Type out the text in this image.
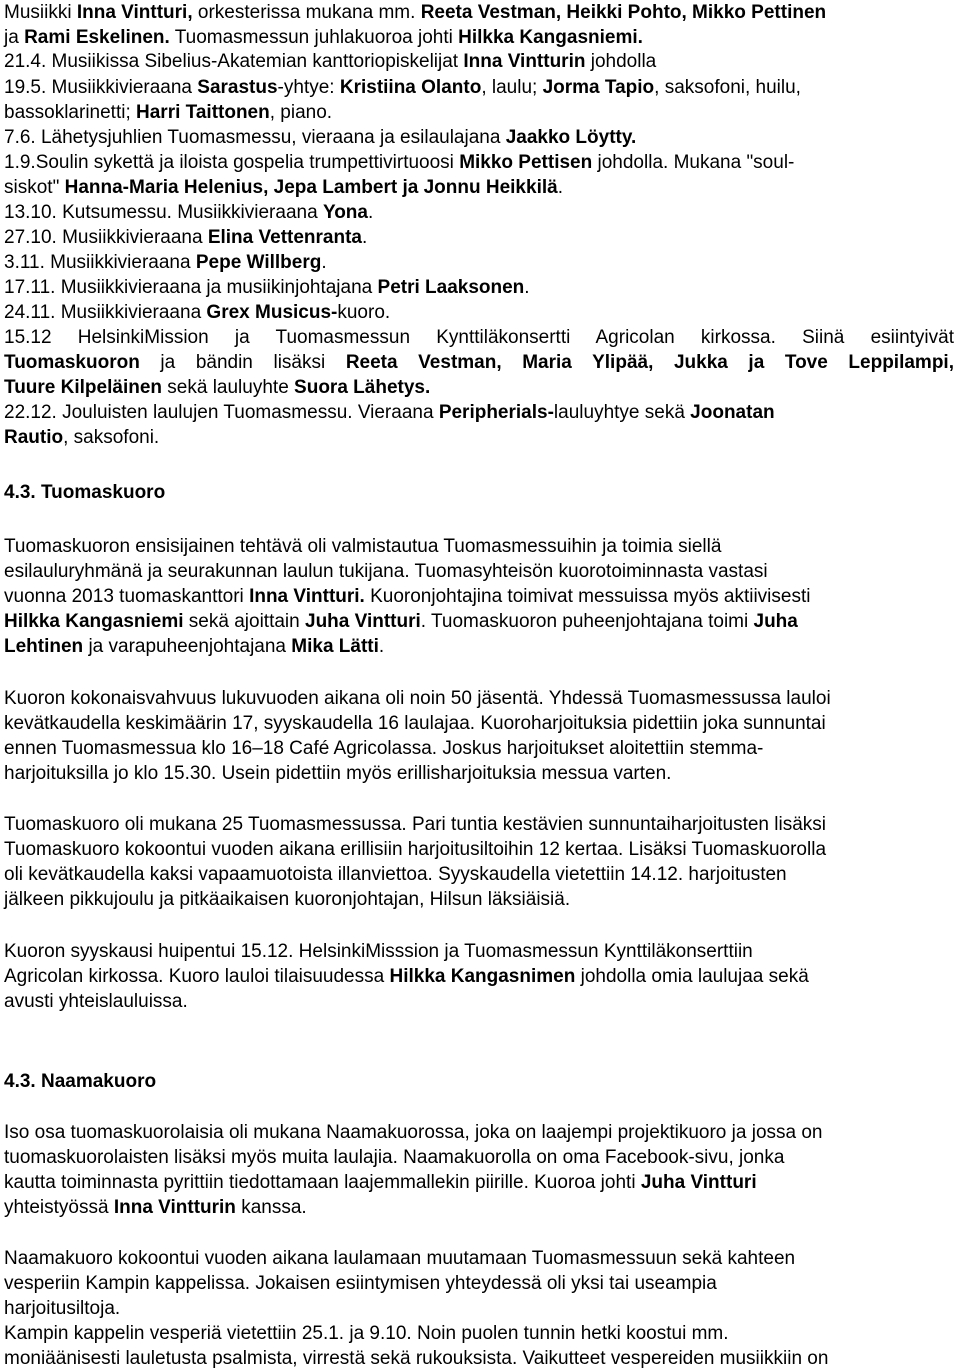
Musiikki Inna Vintturi, orkesterissa mukana mm. Reeta Vestman, Heikki Pohto, Mikko Pettinen
ja Rami Eskelinen. Tuomasmessun juhlakuoroa johti Hilkka Kangasniemi.
21.4. Musiikissa Sibelius-Akatemian kanttoriopiskelijat Inna Vintturin johdolla
19.5. Musiikkivieraana Sarastus-yhtye: Kristiina Olanto, laulu; Jorma Tapio, saksofoni, huilu,
bassoklarinetti; Harri Taittonen, piano.
7.6. Lähetysjuhlien Tuomasmessu, vieraana ja esilaulajana Jaakko Löytty.
1.9.Soulin sykettä ja iloista gospelia trumpettivirtuoosi Mikko Pettisen johdolla. Mukana "soul-
siskot" Hanna-Maria Helenius, Jepa Lambert ja Jonnu Heikkilä.
13.10. Kutsumessu. Musiikkivieraana Yona.
27.10. Musiikkivieraana Elina Vettenranta.
3.11. Musiikkivieraana Pepe Willberg.
17.11. Musiikkivieraana ja musiikinjohtajana Petri Laaksonen.
24.11. Musiikkivieraana Grex Musicus-kuoro.
15.12 HelsinkiMission ja Tuomasmessun Kynttiläkonsertti Agricolan kirkossa. Siinä esiintyivät
Tuomaskuoron ja bändin lisäksi Reeta Vestman, Maria Ylipää, Jukka ja Tove Leppilampi,
Tuure Kilpeläinen sekä lauluyhte Suora Lähetys.
22.12. Jouluisten laulujen Tuomasmessu. Vieraana Peripherials-lauluyhtye sekä Joonatan
Rautio, saksofoni.
4.3. Tuomaskuoro
Tuomaskuoron ensisijainen tehtävä oli valmistautua Tuomasmessuihin ja toimia siellä
esilauluryhmänä ja seurakunnan laulun tukijana. Tuomasyhteisön kuorotoiminnasta vastasi
vuonna 2013 tuomaskanttori Inna Vintturi. Kuoronjohtajina toimivat messuissa myös aktiivisesti
Hilkka Kangasniemi sekä ajoittain Juha Vintturi. Tuomaskuoron puheenjohtajana toimi Juha
Lehtinen ja varapuheenjohtajana Mika Lätti.
Kuoron kokonaisvahvuus lukuvuoden aikana oli noin 50 jäsentä. Yhdessä Tuomasmessussa lauloi
kevätkaudella keskimäärin 17, syyskaudella 16 laulajaa. Kuoroharjoituksia pidettiin joka sunnuntai
ennen Tuomasmessua klo 16–18 Café Agricolassa. Joskus harjoitukset aloitettiin stemma-
harjoituksilla jo klo 15.30. Usein pidettiin myös erillisharjoituksia messua varten.
Tuomaskuoro oli mukana 25 Tuomasmessussa. Pari tuntia kestävien sunnuntaiharjoitusten lisäksi
Tuomaskuoro kokoontui vuoden aikana erillisiin harjoitusiltoihin 12 kertaa. Lisäksi Tuomaskuorolla
oli kevätkaudella kaksi vapaamuotoista illanviettoa. Syyskaudella vietettiin 14.12. harjoitusten
jälkeen pikkujoulu ja pitkäaikaisen kuoronjohtajan, Hilsun läksiäisiä.
Kuoron syyskausi huipentui 15.12. HelsinkiMisssion ja Tuomasmessun Kynttiläkonserttiin
Agricolan kirkossa. Kuoro lauloi tilaisuudessa Hilkka Kangasnimen johdolla omia laulujaa sekä
avusti yhteislauluissa.
4.3. Naamakuoro
Iso osa tuomaskuorolaisia oli mukana Naamakuorossa, joka on laajempi projektikuoro ja jossa on
tuomaskuorolaisten lisäksi myös muita laulajia. Naamakuorolla on oma Facebook-sivu, jonka
kautta toiminnasta pyrittiin tiedottamaan laajemmallekin piirille. Kuoroa johti Juha Vintturi
yhteistyössä Inna Vintturin kanssa.
Naamakuoro kokoontui vuoden aikana laulamaan muutamaan Tuomasmessuun sekä kahteen
vesperiin Kampin kappelissa. Jokaisen esiintymisen yhteydessä oli yksi tai useampia
harjoitusiltoja.
Kampin kappelin vesperiä vietettiin 25.1. ja 9.10. Noin puolen tunnin hetki koostui mm.
moniäänisesti lauletusta psalmista, virrestä sekä rukouksista. Vaikutteet vespereiden musiikkiin on
